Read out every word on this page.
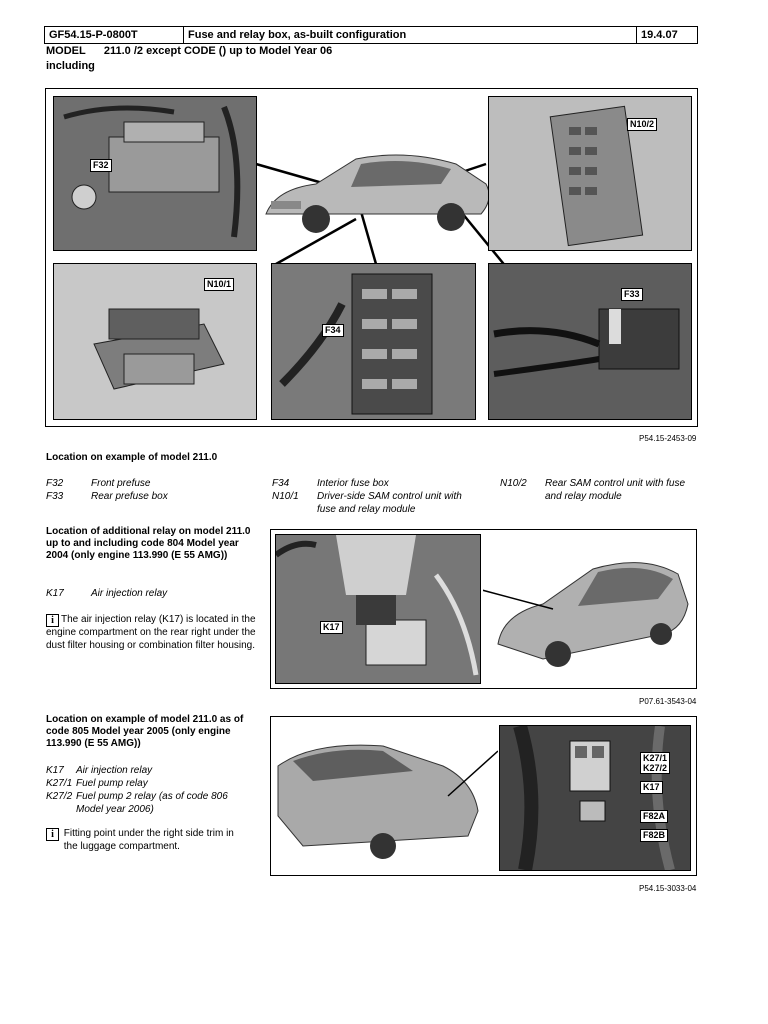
GF54.15-P-0800T	Fuse and relay box, as-built configuration	19.4.07
MODEL      211.0 /2 except CODE () up to Model Year 06
including
F32
N10/2
N10/1
F34
F33
P54.15-2453-09
Location on example of model 211.0
F32	Front prefuse
F33	Rear prefuse box
F34	Interior fuse box
N10/1	Driver-side SAM control unit with fuse and relay module
N10/2	Rear SAM control unit with fuse and relay module
Location of additional relay on model 211.0 up to and including code 804 Model year 2004 (only engine 113.990 (E 55 AMG))
K17	Air injection relay
i The air injection relay (K17) is located in the engine compartment on the rear right under the dust filter housing or combination filter housing.
K17
P07.61-3543-04
Location on example of model 211.0 as of code 805 Model year 2005 (only engine 113.990 (E 55 AMG))
K17 Air injection relay
K27/1 Fuel pump relay
K27/2 Fuel pump 2 relay (as of code 806 Model year 2006)
i Fitting point under the right side trim in the luggage compartment.
K27/1
K27/2
K17
F82A
F82B
P54.15-3033-04
